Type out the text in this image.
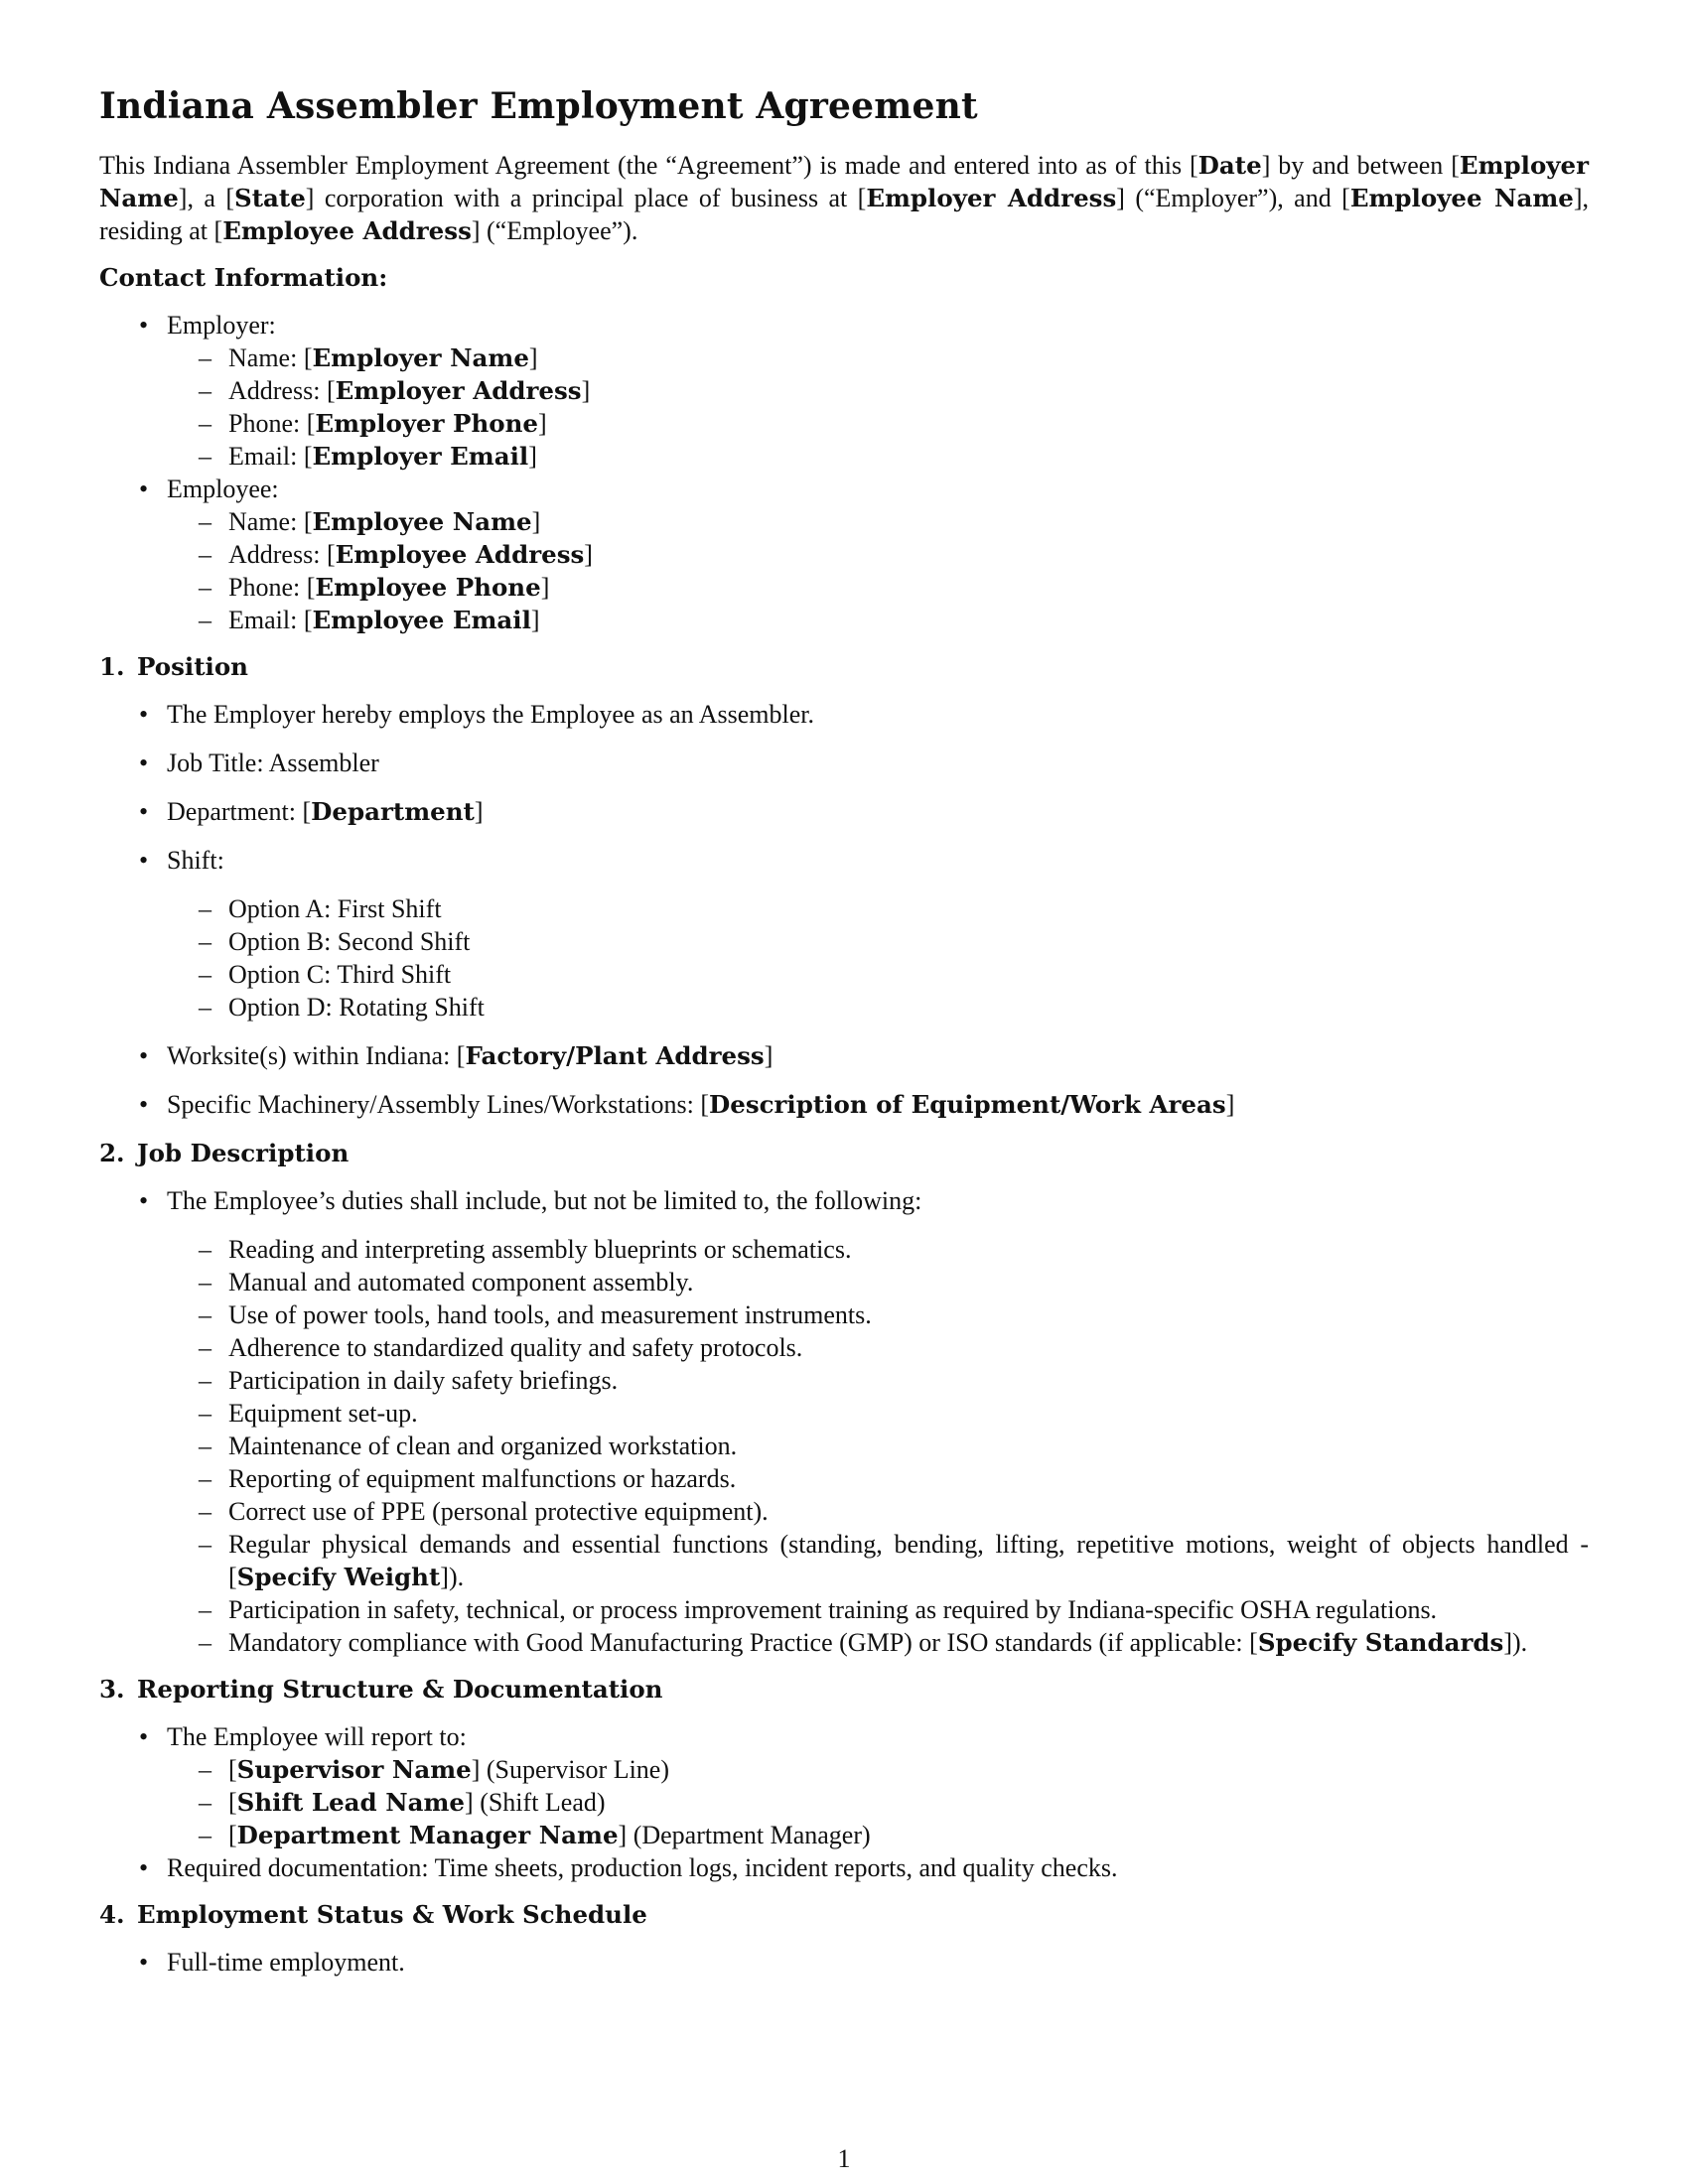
Indiana Assembler Employment Agreement

This Indiana Assembler Employment Agreement (the “Agreement”) is made and entered into as of this [Date] by and between [Employer Name], a [State] corporation with a principal place of business at [Employer Address] (“Employer”), and [Employee Name], residing at [Employee Address] (“Employee”).

Contact Information:
• Employer:
– Name: [Employer Name]
– Address: [Employer Address]
– Phone: [Employer Phone]
– Email: [Employer Email]
• Employee:
– Name: [Employee Name]
– Address: [Employee Address]
– Phone: [Employee Phone]
– Email: [Employee Email]
1. Position
• The Employer hereby employs the Employee as an Assembler.
• Job Title: Assembler
• Department: [Department]
• Shift:
– Option A: First Shift
– Option B: Second Shift
– Option C: Third Shift
– Option D: Rotating Shift
• Worksite(s) within Indiana: [Factory/Plant Address]
• Specific Machinery/Assembly Lines/Workstations: [Description of Equipment/Work Areas]
2. Job Description
• The Employee’s duties shall include, but not be limited to, the following:
– Reading and interpreting assembly blueprints or schematics.
– Manual and automated component assembly.
– Use of power tools, hand tools, and measurement instruments.
– Adherence to standardized quality and safety protocols.
– Participation in daily safety briefings.
– Equipment set-up.
– Maintenance of clean and organized workstation.
– Reporting of equipment malfunctions or hazards.
– Correct use of PPE (personal protective equipment).
– Regular physical demands and essential functions (standing, bending, lifting, repetitive motions, weight of objects handled - [Specify Weight]).
– Participation in safety, technical, or process improvement training as required by Indiana-specific OSHA regulations.
– Mandatory compliance with Good Manufacturing Practice (GMP) or ISO standards (if applicable: [Specify Standards]).
3. Reporting Structure & Documentation
• The Employee will report to:
– [Supervisor Name] (Supervisor Line)
– [Shift Lead Name] (Shift Lead)
– [Department Manager Name] (Department Manager)
• Required documentation: Time sheets, production logs, incident reports, and quality checks.
4. Employment Status & Work Schedule
• Full-time employment.
1
